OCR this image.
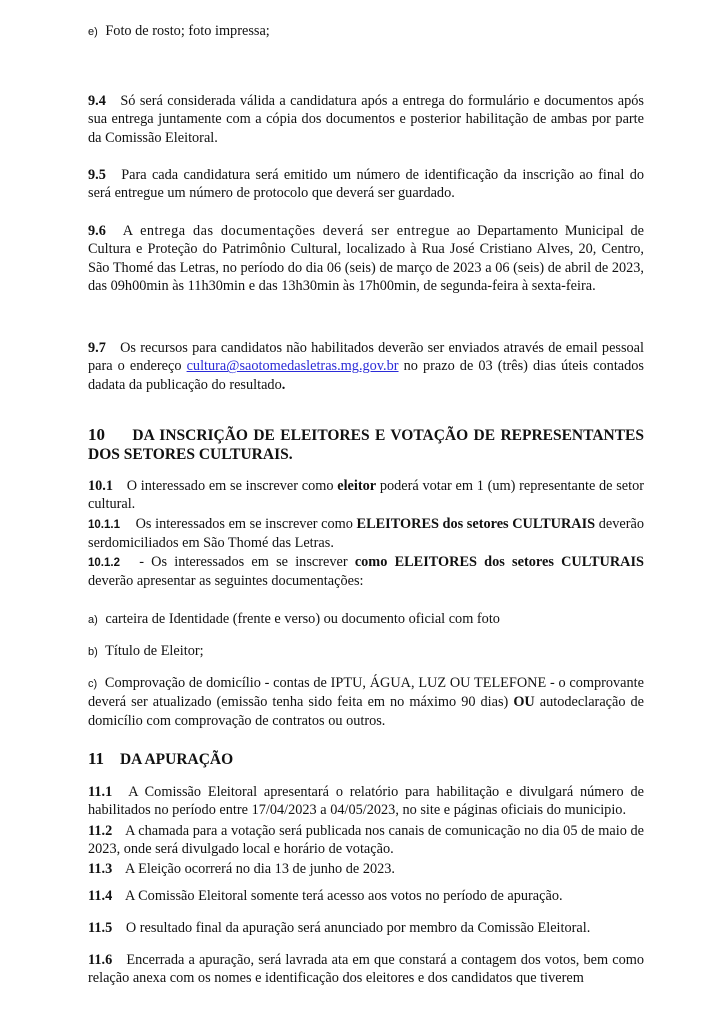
e) Foto de rosto; foto impressa;

9.4 Só será considerada válida a candidatura após a entrega do formulário e documentos após sua entrega juntamente com a cópia dos documentos e posterior habilitação de ambas por parte da Comissão Eleitoral.

9.5 Para cada candidatura será emitido um número de identificação da inscrição ao final do será entregue um número de protocolo que deverá ser guardado.

9.6 A entrega das documentações deverá ser entregue ao Departamento Municipal de Cultura e Proteção do Patrimônio Cultural, localizado à Rua José Cristiano Alves, 20, Centro, São Thomé das Letras, no período do dia 06 (seis) de março de 2023 a 06 (seis) de abril de 2023, das 09h00min às 11h30min e das 13h30min às 17h00min, de segunda-feira à sexta-feira.

9.7 Os recursos para candidatos não habilitados deverão ser enviados através de email pessoal para o endereço cultura@saotomedasletras.mg.gov.br no prazo de 03 (três) dias úteis contados dadata da publicação do resultado.

10 DA INSCRIÇÃO DE ELEITORES E VOTAÇÃO DE REPRESENTANTES DOS SETORES CULTURAIS.

10.1 O interessado em se inscrever como eleitor poderá votar em 1 (um) representante de setor cultural.

10.1.1 Os interessados em se inscrever como ELEITORES dos setores CULTURAIS deverão serdomiciliados em São Thomé das Letras.

10.1.2 - Os interessados em se inscrever como ELEITORES dos setores CULTURAIS deverão apresentar as seguintes documentações:

a) carteira de Identidade (frente e verso) ou documento oficial com foto

b) Título de Eleitor;

c) Comprovação de domicílio - contas de IPTU, ÁGUA, LUZ OU TELEFONE - o comprovante deverá ser atualizado (emissão tenha sido feita em no máximo 90 dias) OU autodeclaração de domicílio com comprovação de contratos ou outros.

11 DA APURAÇÃO

11.1 A Comissão Eleitoral apresentará o relatório para habilitação e divulgará número de habilitados no período entre 17/04/2023 a 04/05/2023, no site e páginas oficiais do municipio.

11.2 A chamada para a votação será publicada nos canais de comunicação no dia 05 de maio de 2023, onde será divulgado local e horário de votação.

11.3 A Eleição ocorrerá no dia 13 de junho de 2023.

11.4 A Comissão Eleitoral somente terá acesso aos votos no período de apuração.

11.5 O resultado final da apuração será anunciado por membro da Comissão Eleitoral.

11.6 Encerrada a apuração, será lavrada ata em que constará a contagem dos votos, bem como relação anexa com os nomes e identificação dos eleitores e dos candidatos que tiverem
